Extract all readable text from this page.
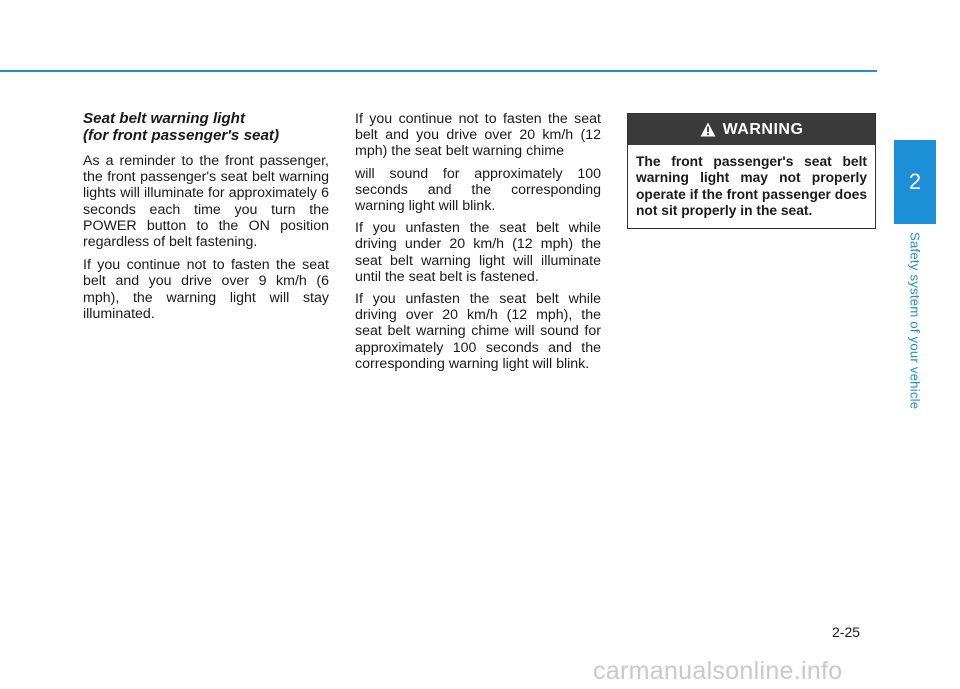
Seat belt warning light
(for front passenger's seat)

As a reminder to the front passenger, the front passenger's seat belt warning lights will illuminate for approximately 6 seconds each time you turn the POWER button to the ON position regardless of belt fastening.

If you continue not to fasten the seat belt and you drive over 9 km/h (6 mph), the warning light will stay illuminated.

If you continue not to fasten the seat belt and you drive over 20 km/h (12 mph) the seat belt warning chime

will sound for approximately 100 seconds and the corresponding warning light will blink.

If you unfasten the seat belt while driving under 20 km/h (12 mph) the seat belt warning light will illuminate until the seat belt is fastened.

If you unfasten the seat belt while driving over 20 km/h (12 mph), the seat belt warning chime will sound for approximately 100 seconds and the corresponding warning light will blink.

WARNING
The front passenger's seat belt warning light may not properly operate if the front passenger does not sit properly in the seat.
2
Safety system of your vehicle
2-25
carmanualsonline.info
